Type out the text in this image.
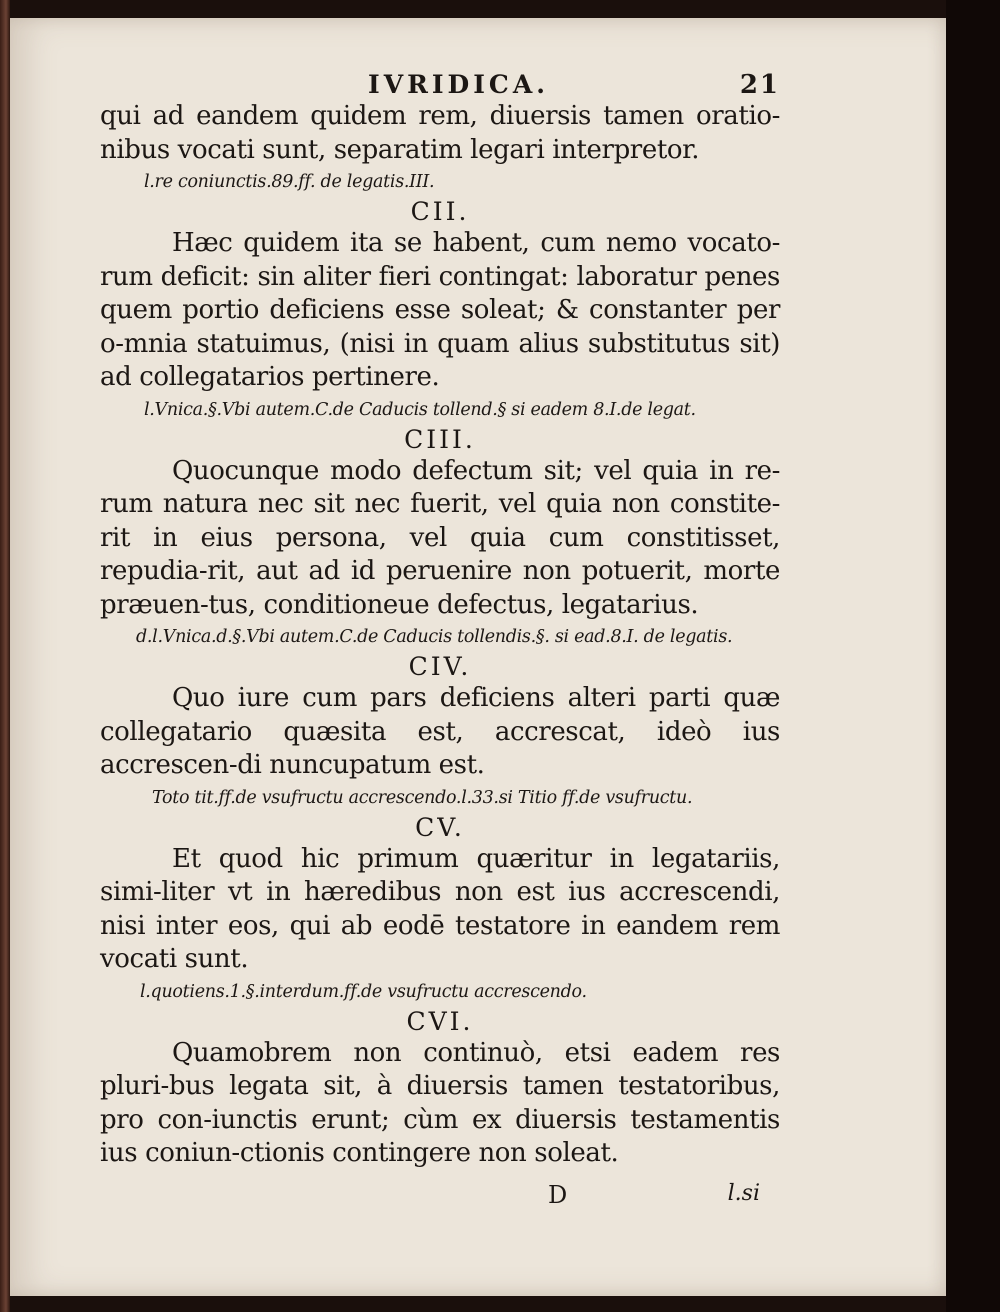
IVRIDICA.	21

qui ad eandem quidem rem, diuersis tamen oratio-nibus vocati sunt, separatim legari interpretor.

l.re coniunctis.89.ff. de legatis.III.

CII.

Hæc quidem ita se habent, cum nemo vocato-rum deficit: sin aliter fieri contingat: laboratur penes quem portio deficiens esse soleat; & constanter per o-mnia statuimus, (nisi in quam alius substitutus sit) ad collegatarios pertinere.

l.Vnica.§.Vbi autem.C.de Caducis tollend.§ si eadem 8.I.de legat.

CIII.

Quocunque modo defectum sit; vel quia in re-rum natura nec sit nec fuerit, vel quia non constite-rit in eius persona, vel quia cum constitisset, repudia-rit, aut ad id peruenire non potuerit, morte præuen-tus, conditioneue defectus, legatarius.

d.l.Vnica.d.§.Vbi autem.C.de Caducis tollendis.§. si ead.8.I. de legatis.

CIV.

Quo iure cum pars deficiens alteri parti quæ collegatario quæsita est, accrescat, ideò ius accrescen-di nuncupatum est.

Toto tit.ff.de vsufructu accrescendo.l.33.si Titio ff.de vsufructu.

CV.

Et quod hic primum quæritur in legatariis, simi-liter vt in hæredibus non est ius accrescendi, nisi inter eos, qui ab eodē testatore in eandem rem vocati sunt.

l.quotiens.1.§.interdum.ff.de vsufructu accrescendo.

CVI.

Quamobrem non continuò, etsi eadem res pluri-bus legata sit, à diuersis tamen testatoribus, pro con-iunctis erunt; cùm ex diuersis testamentis ius coniun-ctionis contingere non soleat.

D	l.si
